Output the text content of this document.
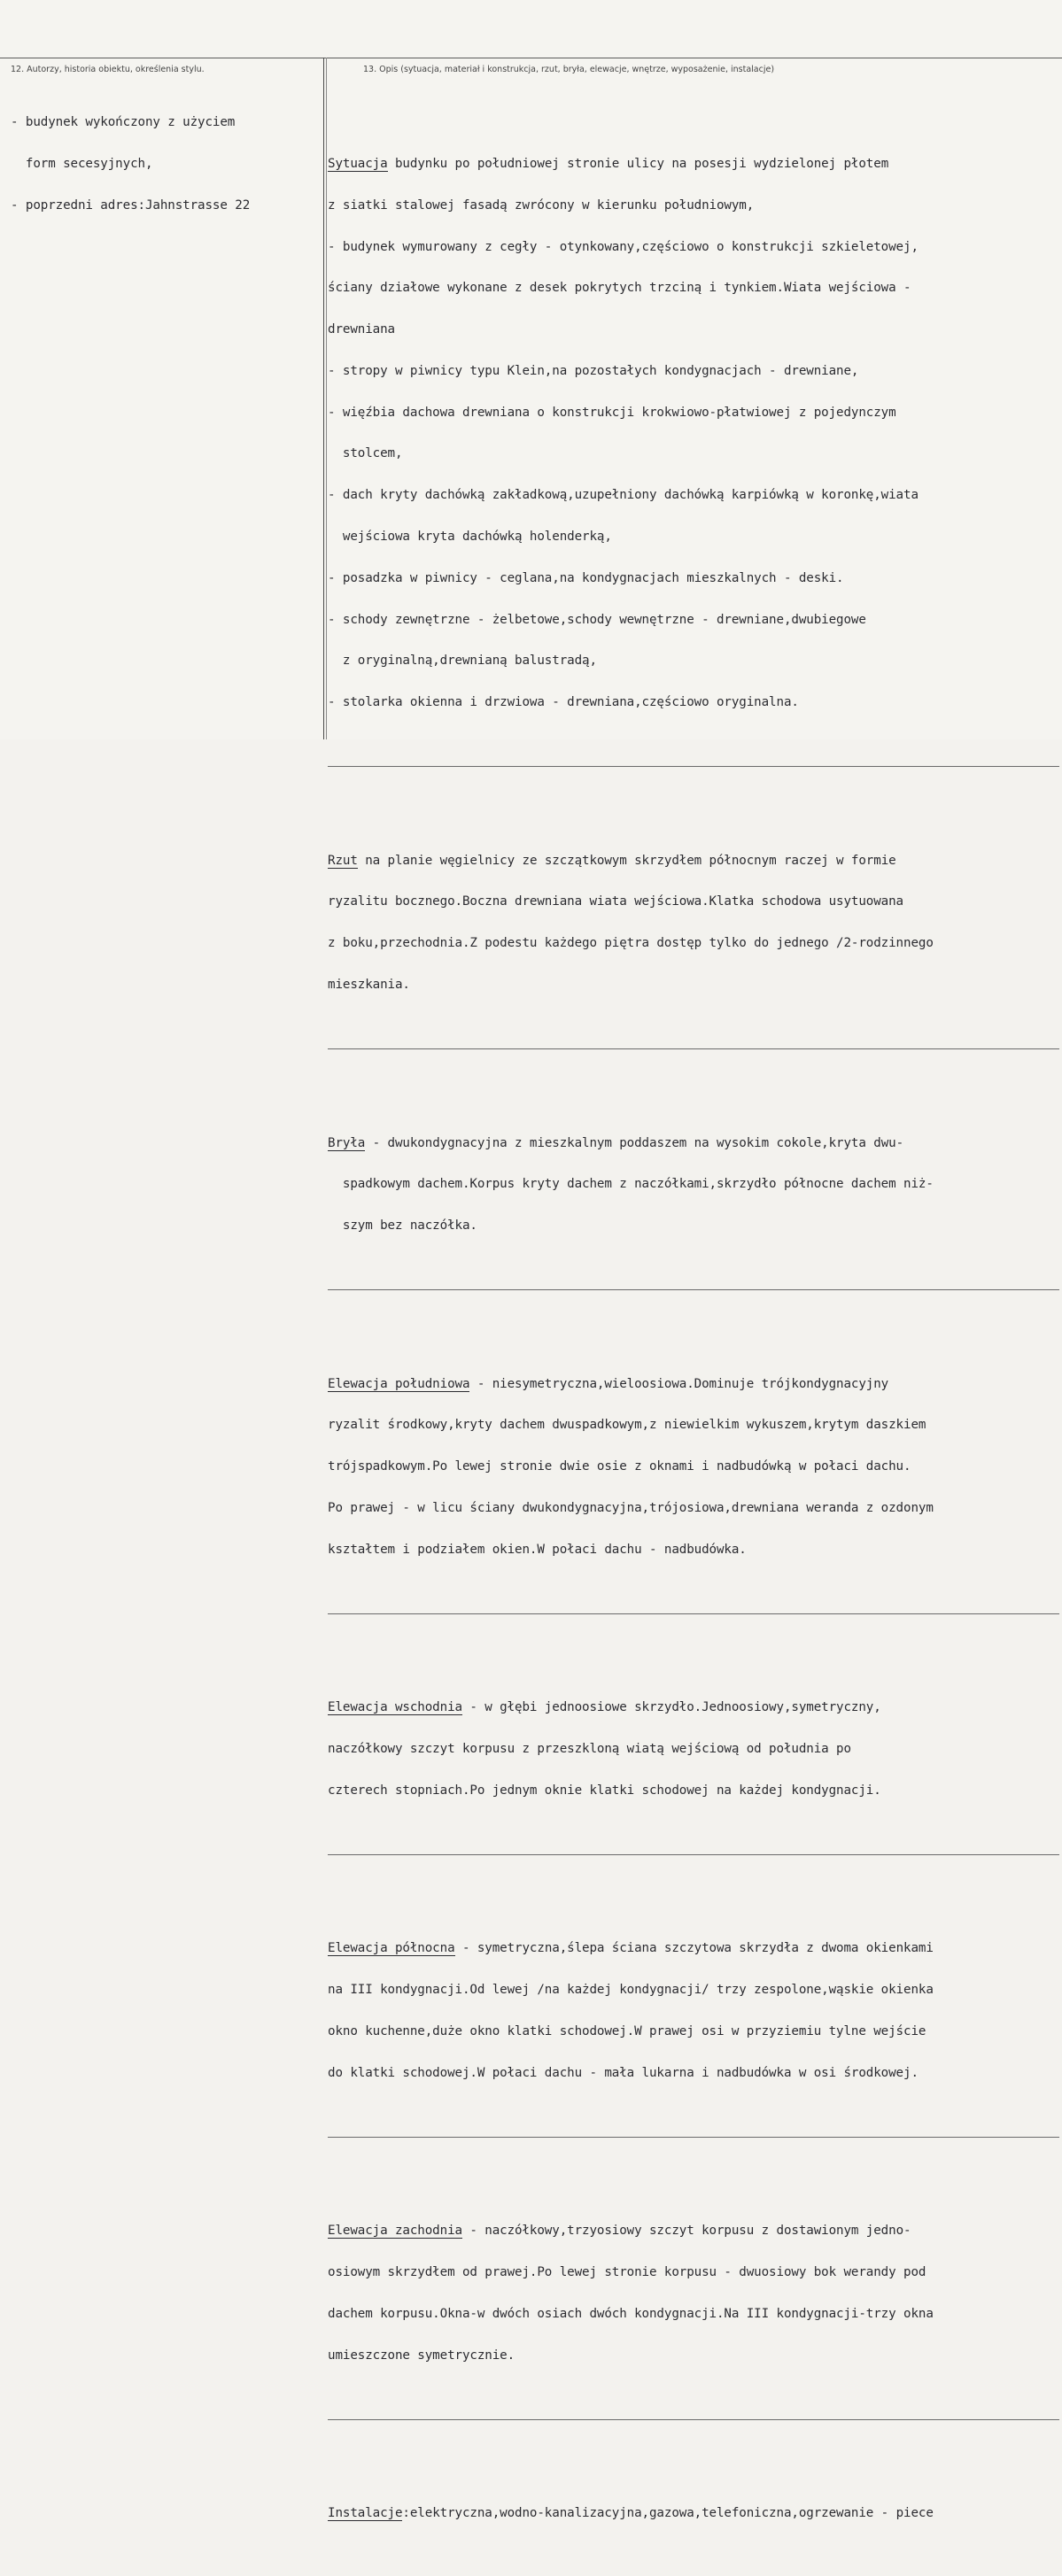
12. Autorzy, historia obiektu, określenia stylu.	13. Opis (sytuacja, materiał i konstrukcja, rzut, bryła, elewacje, wnętrze, wyposażenie, instalacje)

- budynek wykończony z użyciem

form secesyjnych,

- poprzedni adres:Jahnstrasse 22

Sytuacja budynku po południowej stronie ulicy na posesji wydzielonej płotem

z siatki stalowej fasadą zwrócony w kierunku południowym,

- budynek wymurowany z cegły - otynkowany,częściowo o konstrukcji szkieletowej,

ściany działowe wykonane z desek pokrytych trzciną i tynkiem.Wiata wejściowa -

drewniana

- stropy w piwnicy typu Klein,na pozostałych kondygnacjach - drewniane,

- więźbia dachowa drewniana o konstrukcji krokwiowo-płatwiowej z pojedynczym

stolcem,

- dach kryty dachówką zakładkową,uzupełniony dachówką karpiówką w koronkę,wiata

wejściowa kryta dachówką holenderką,

- posadzka w piwnicy - ceglana,na kondygnacjach mieszkalnych - deski.

- schody zewnętrzne - żelbetowe,schody wewnętrzne - drewniane,dwubiegowe

z oryginalną,drewnianą balustradą,

- stolarka okienna i drzwiowa - drewniana,częściowo oryginalna.

Rzut na planie węgielnicy ze szczątkowym skrzydłem północnym raczej w formie

ryzalitu bocznego.Boczna drewniana wiata wejściowa.Klatka schodowa usytuowana

z boku,przechodnia.Z podestu każdego piętra dostęp tylko do jednego /2-rodzinnego

mieszkania.

Bryła - dwukondygnacyjna z mieszkalnym poddaszem na wysokim cokole,kryta dwu-

spadkowym dachem.Korpus kryty dachem z naczółkami,skrzydło północne dachem niż-

szym bez naczółka.

Elewacja południowa - niesymetryczna,wieloosiowa.Dominuje trójkondygnacyjny

ryzalit środkowy,kryty dachem dwuspadkowym,z niewielkim wykuszem,krytym daszkiem

trójspadkowym.Po lewej stronie dwie osie z oknami i nadbudówką w połaci dachu.

Po prawej - w licu ściany dwukondygnacyjna,trójosiowa,drewniana weranda z ozdonym

kształtem i podziałem okien.W połaci dachu - nadbudówka.

Elewacja wschodnia - w głębi jednoosiowe skrzydło.Jednoosiowy,symetryczny,

naczółkowy szczyt korpusu z przeszkloną wiatą wejściową od południa po

czterech stopniach.Po jednym oknie klatki schodowej na każdej kondygnacji.

Elewacja północna - symetryczna,ślepa ściana szczytowa skrzydła z dwoma okienkami

na III kondygnacji.Od lewej /na każdej kondygnacji/ trzy zespolone,wąskie okienka

okno kuchenne,duże okno klatki schodowej.W prawej osi w przyziemiu tylne wejście

do klatki schodowej.W połaci dachu - mała lukarna i nadbudówka w osi środkowej.

Elewacja zachodnia - naczółkowy,trzyosiowy szczyt korpusu z dostawionym jedno-

osiowym skrzydłem od prawej.Po lewej stronie korpusu - dwuosiowy bok werandy pod

dachem korpusu.Okna-w dwóch osiach dwóch kondygnacji.Na III kondygnacji-trzy okna

umieszczone symetrycznie.

Instalacje:elektryczna,wodno-kanalizacyjna,gazowa,telefoniczna,ogrzewanie - piece
